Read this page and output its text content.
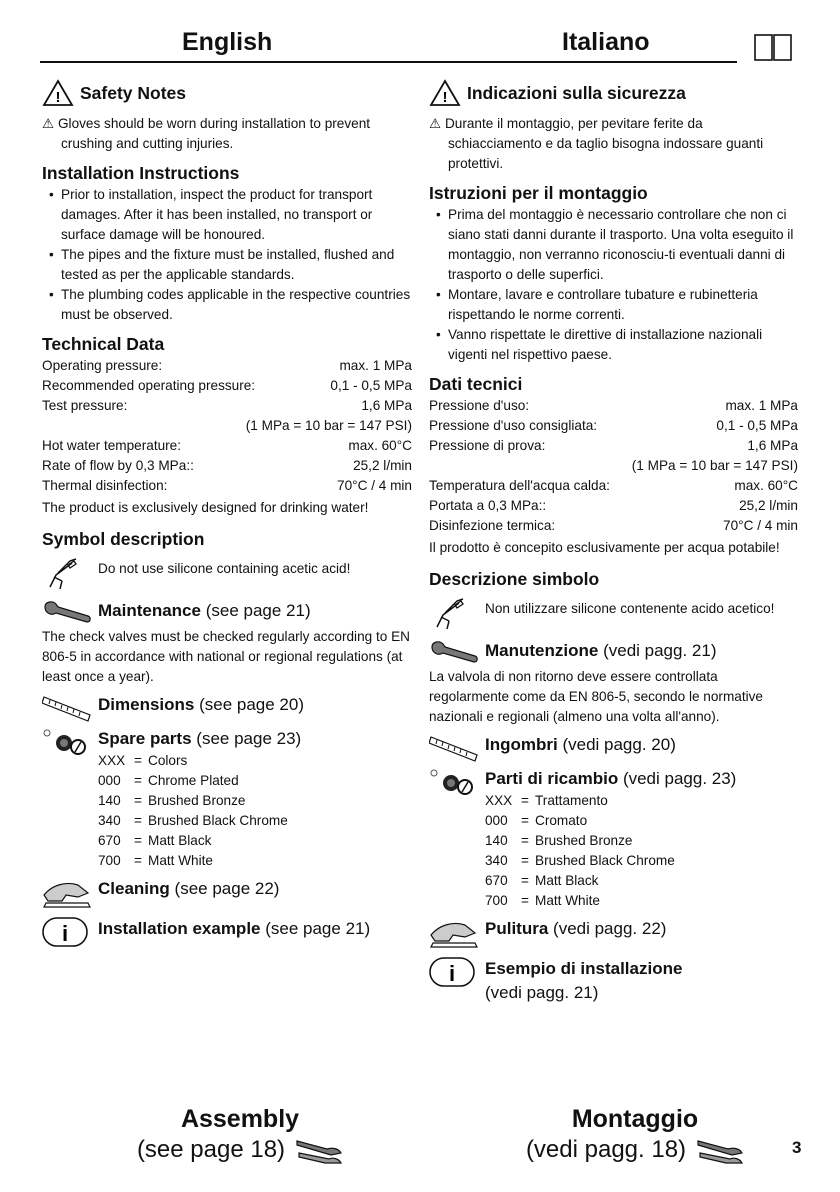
English	Italiano
! Safety Notes

⚠ Gloves should be worn during installation to prevent crushing and cutting injuries.

Installation Instructions

• Prior to installation, inspect the product for transport damages. After it has been installed, no transport or surface damage will be honoured.

• The pipes and the fixture must be installed, flushed and tested as per the applicable standards.

• The plumbing codes applicable in the respective countries must be observed.

Technical Data

Operating pressure:	max. 1 MPa
Recommended operating pressure:	0,1 - 0,5 MPa
Test pressure:	1,6 MPa
(1 MPa = 10 bar = 147 PSI)
Hot water temperature:	max. 60°C
Rate of flow by 0,3 MPa::	25,2 l/min
Thermal disinfection:	70°C / 4 min

The product is exclusively designed for drinking water!

Symbol description

Do not use silicone containing acetic acid!
Maintenance (see page 21)

The check valves must be checked regularly according to EN 806-5 in accordance with national or regional regulations (at least once a year).

Dimensions (see page 20)
Spare parts (see page 23)
XXX = Colors
000 = Chrome Plated
140 = Brushed Bronze
340 = Brushed Black Chrome
670 = Matt Black
700 = Matt White
Cleaning (see page 22)
i Installation example (see page 21)
! Indicazioni sulla sicurezza

⚠ Durante il montaggio, per pevitare ferite da schiacciamento e da taglio bisogna indossare guanti protettivi.

Istruzioni per il montaggio

• Prima del montaggio è necessario controllare che non ci siano stati danni durante il trasporto. Una volta eseguito il montaggio, non verranno riconosciu-ti eventuali danni di trasporto o delle superfici.

• Montare, lavare e controllare tubature e rubinetteria rispettando le norme correnti.

• Vanno rispettate le direttive di installazione nazionali vigenti nel rispettivo paese.

Dati tecnici

Pressione d'uso:	max. 1 MPa
Pressione d'uso consigliata:	0,1 - 0,5 MPa
Pressione di prova:	1,6 MPa
(1 MPa = 10 bar = 147 PSI)
Temperatura dell'acqua calda:	max. 60°C
Portata a 0,3 MPa::	25,2 l/min
Disinfezione termica:	70°C / 4 min

Il prodotto è concepito esclusivamente per acqua potabile!

Descrizione simbolo

Non utilizzare silicone contenente acido acetico!
Manutenzione (vedi pagg. 21)

La valvola di non ritorno deve essere controllata regolarmente come da EN 806-5, secondo le normative nazionali e regionali (almeno una volta all'anno).

Ingombri (vedi pagg. 20)
Parti di ricambio (vedi pagg. 23)
XXX = Trattamento
000 = Cromato
140 = Brushed Bronze
340 = Brushed Black Chrome
670 = Matt Black
700 = Matt White
Pulitura (vedi pagg. 22)
i Esempio di installazione
(vedi pagg. 21)
Assembly
(see page 18)
Montaggio
(vedi pagg. 18)	3
